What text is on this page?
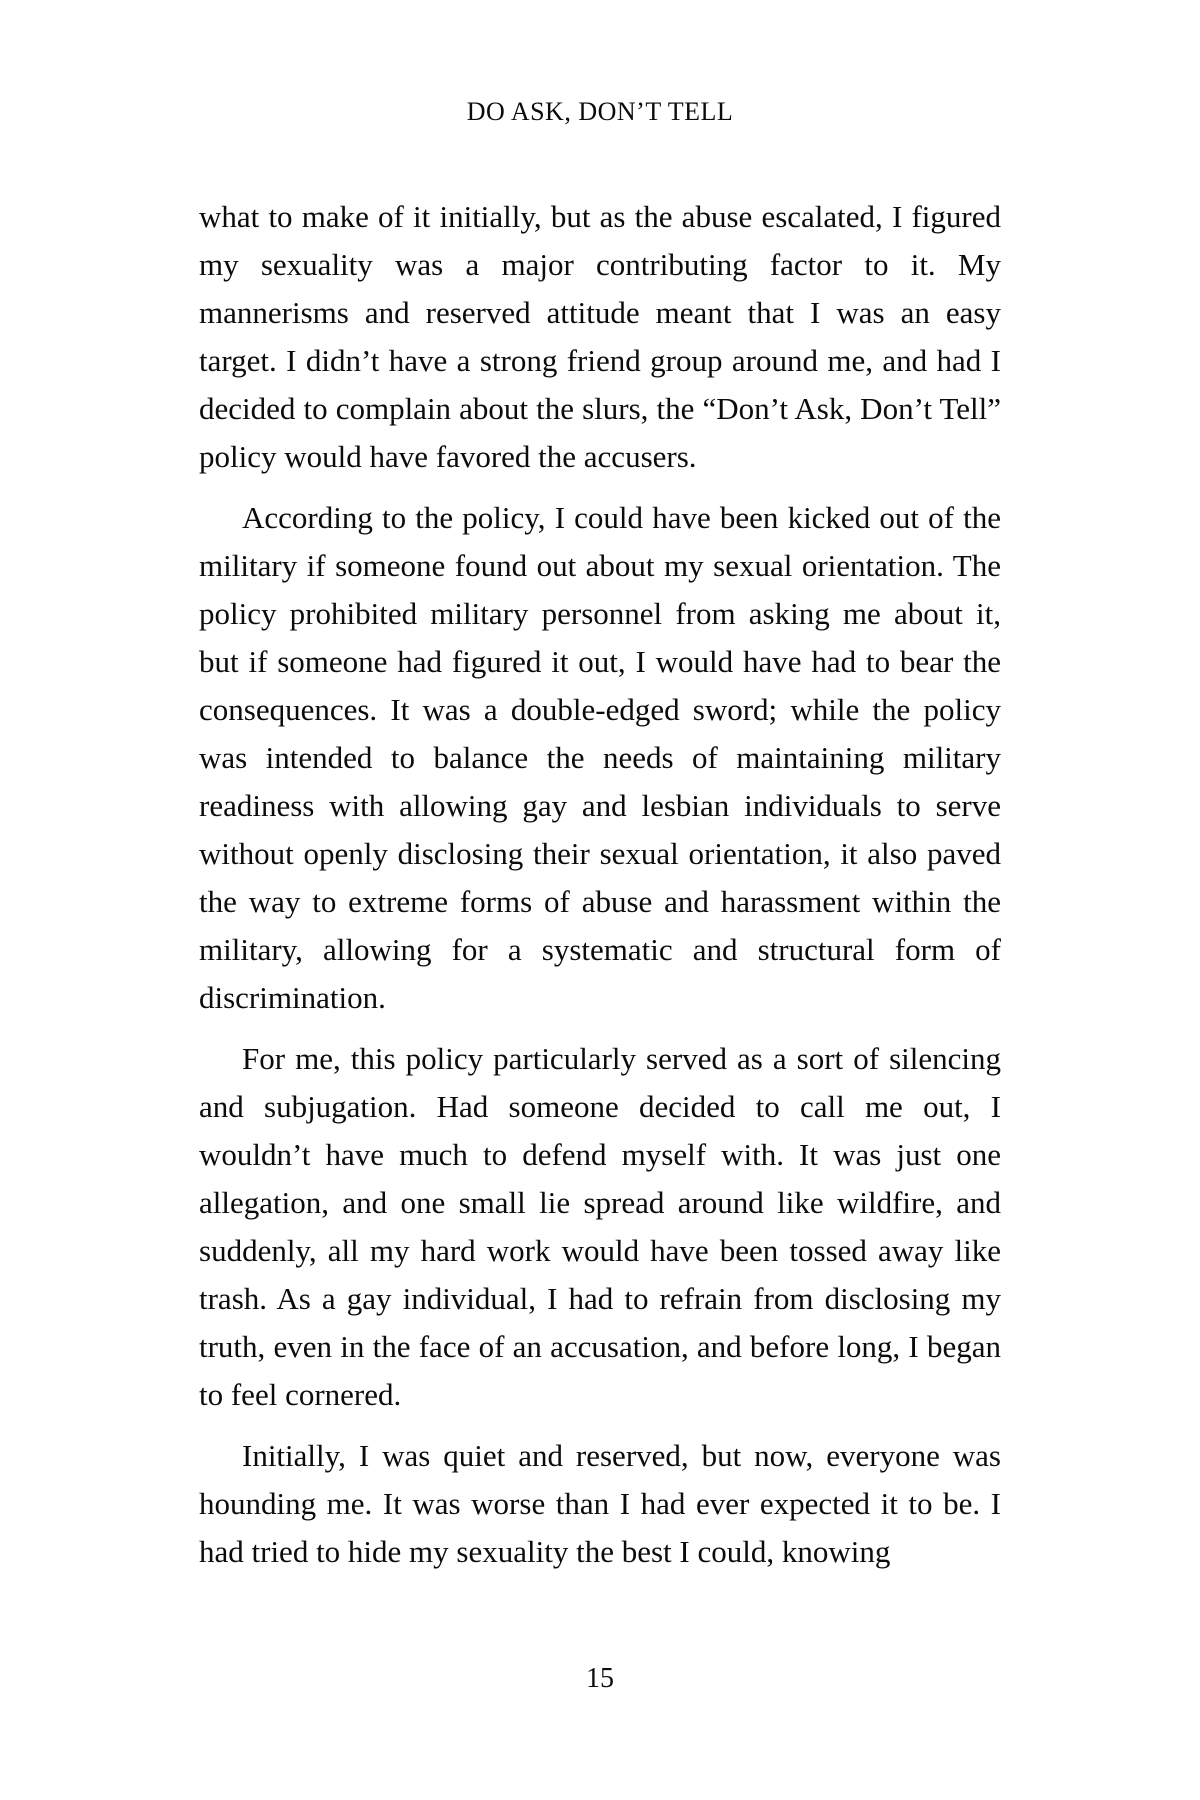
DO ASK, DON’T TELL

what to make of it initially, but as the abuse escalated, I figured my sexuality was a major contributing factor to it. My mannerisms and reserved attitude meant that I was an easy target. I didn’t have a strong friend group around me, and had I decided to complain about the slurs, the “Don’t Ask, Don’t Tell” policy would have favored the accusers.

According to the policy, I could have been kicked out of the military if someone found out about my sexual orientation. The policy prohibited military personnel from asking me about it, but if someone had figured it out, I would have had to bear the consequences. It was a double-edged sword; while the policy was intended to balance the needs of maintaining military readiness with allowing gay and lesbian individuals to serve without openly disclosing their sexual orientation, it also paved the way to extreme forms of abuse and harassment within the military, allowing for a systematic and structural form of discrimination.

For me, this policy particularly served as a sort of silencing and subjugation. Had someone decided to call me out, I wouldn’t have much to defend myself with. It was just one allegation, and one small lie spread around like wildfire, and suddenly, all my hard work would have been tossed away like trash. As a gay individual, I had to refrain from disclosing my truth, even in the face of an accusation, and before long, I began to feel cornered.

Initially, I was quiet and reserved, but now, everyone was hounding me. It was worse than I had ever expected it to be. I had tried to hide my sexuality the best I could, knowing

15
